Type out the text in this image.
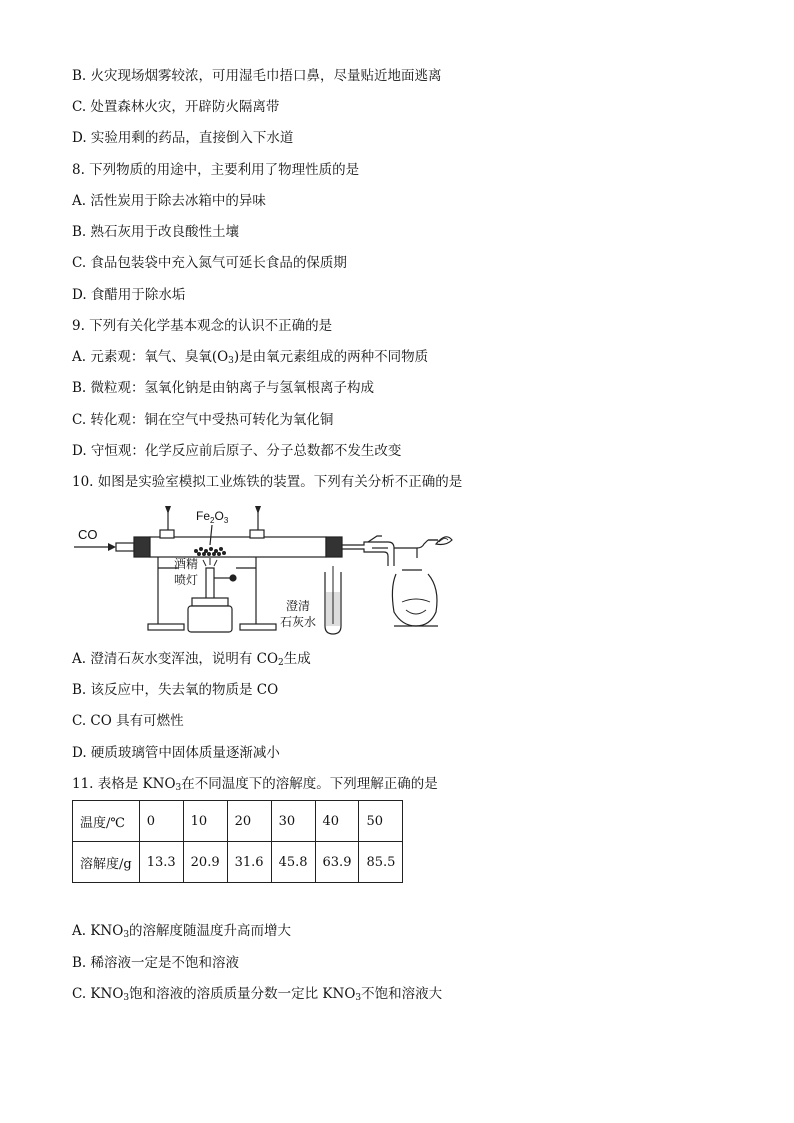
B. 火灾现场烟雾较浓，可用湿毛巾捂口鼻，尽量贴近地面逃离
C. 处置森林火灾，开辟防火隔离带
D. 实验用剩的药品，直接倒入下水道
8. 下列物质的用途中，主要利用了物理性质的是
A. 活性炭用于除去冰箱中的异味
B. 熟石灰用于改良酸性土壤
C. 食品包装袋中充入氮气可延长食品的保质期
D. 食醋用于除水垢
9. 下列有关化学基本观念的认识不正确的是
A. 元素观：氧气、臭氧$(O_3)$是由氧元素组成的两种不同物质
B. 微粒观：氢氧化钠是由钠离子与氢氧根离子构成
C. 转化观：铜在空气中受热可转化为氧化铜
D. 守恒观：化学反应前后原子、分子总数都不发生改变
10. 如图是实验室模拟工业炼铁的装置。下列有关分析不正确的是
CO
$Fe_2O_3$
酒精
喷灯
澄清
石灰水
A. 澄清石灰水变浑浊，说明有 $CO_2$生成
B. 该反应中，失去氧的物质是 CO
C. CO 具有可燃性
D. 硬质玻璃管中固体质量逐渐减小
11. 表格是 $KNO_3$在不同温度下的溶解度。下列理解正确的是
温度/℃	0	10	20	30	40	50
溶解度/g	13.3	20.9	31.6	45.8	63.9	85.5
A. $KNO_3$的溶解度随温度升高而增大
B. 稀溶液一定是不饱和溶液
C. $KNO_3$饱和溶液的溶质质量分数一定比 $KNO_3$不饱和溶液大
